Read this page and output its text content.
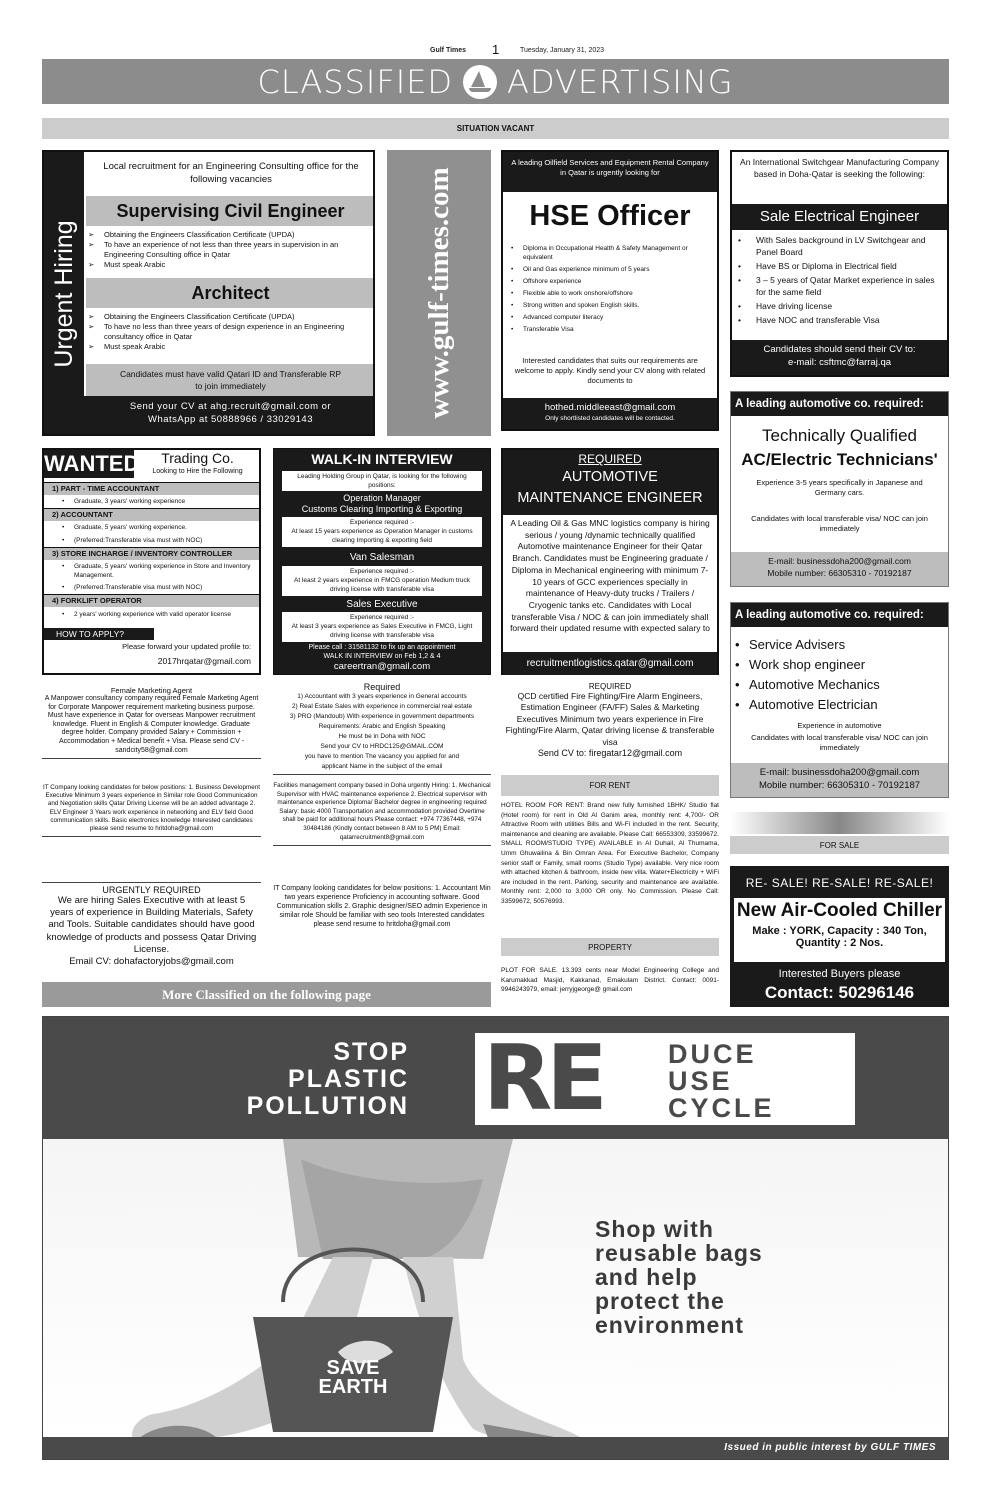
Gulf Times 1	Tuesday, January 31, 2023
CLASSIFIED ADVERTISING
SITUATION VACANT
Urgent Hiring
Local recruitment for an Engineering Consulting office for the following vacancies
Supervising Civil Engineer
➢ Obtaining the Engineers Classification Certificate (UPDA)
➢ To have an experience of not less than three years in supervision in an Engineering Consulting office in Qatar
➢ Must speak Arabic
Architect
➢ Obtaining the Engineers Classification Certificate (UPDA)
➢ To have no less than three years of design experience in an Engineering consultancy office in Qatar
➢ Must speak Arabic
Candidates must have valid Qatari ID and Transferable RP to join immediately
Send your CV at ahg.recruit@gmail.com or
WhatsApp at 50888966 / 33029143
www.gulf-times.com
A leading Oilfield Services and Equipment Rental Company in Qatar is urgently looking for
HSE Officer
• Diploma in Occupational Health & Safety Management or equivalent
• Oil and Gas experience minimum of 5 years
• Offshore experience
• Flexible able to work onshore/offshore
• Strong written and spoken English skills.
• Advanced computer literacy
• Transferable Visa
Interested candidates that suits our requirements are welcome to apply. Kindly send your CV along with related documents to
hothed.middleeast@gmail.com
Only shortlisted candidates will be contacted.
An International Switchgear Manufacturing Company based in Doha-Qatar is seeking the following:
Sale Electrical Engineer
• With Sales background in LV Switchgear and Panel Board
• Have BS or Diploma in Electrical field
• 3 – 5 years of Qatar Market experience in sales for the same field
• Have driving license
• Have NOC and transferable Visa
Candidates should send their CV to:
e-mail: csftmc@farraj.qa
A leading automotive co. required:
Technically Qualified
AC/Electric Technicians'
Experience 3-5 years specifically in Japanese and Germany cars.
Candidates with local transferable visa/ NOC can join immediately
E-mail: businessdoha200@gmail.com
Mobile number: 66305310 - 70192187
WANTED	Trading Co.
Looking to Hire the Following
1) PART - TIME ACCOUNTANT
• Graduate, 3 years' working experience
2) ACCOUNTANT
• Graduate, 5 years' working experience.
• (Preferred:Transferable visa must with NOC)
3) STORE INCHARGE / INVENTORY CONTROLLER
• Graduate, 5 years' working experience in Store and Inventory Management.
• (Preferred:Transferable visa must with NOC)
4) FORKLIFT OPERATOR
• 2 years' working experience with valid operator license
HOW TO APPLY?
Please forward your updated profile to:
2017hrqatar@gmail.com
WALK-IN INTERVIEW
Leading Holding Group in Qatar, is looking for the following positions:
Operation Manager
Customs Clearing Importing & Exporting
Experience required :-
At least 15 years experience as Operation Manager in customs clearing Importing & exporting field
Van Salesman
Experience required :-
At least 2 years experience in FMCG operation Medium truck driving license with transferable visa
Sales Executive
Experience required :-
At least 3 years experience as Sales Executive in FMCG, Light driving license with transferable visa
Please call : 31581132 to fix up an appointment
WALK IN INTERVIEW on Feb 1,2 & 4
careertran@gmail.com
REQUIRED
AUTOMOTIVE MAINTENANCE ENGINEER
A Leading Oil & Gas MNC logistics company is hiring serious / young /dynamic technically qualified Automotive maintenance Engineer for their Qatar Branch. Candidates must be Engineering graduate / Diploma in Mechanical engineering with minimum 7- 10 years of GCC experiences specially in maintenance of Heavy-duty trucks / Trailers / Cryogenic tanks etc. Candidates with Local transferable Visa / NOC & can join immediately shall forward their updated resume with expected salary to
recruitmentlogistics.qatar@gmail.com
A leading automotive co. required:
• Service Advisers
• Work shop engineer
• Automotive Mechanics
• Automotive Electrician
Experience in automotive
Candidates with local transferable visa/ NOC can join immediately
E-mail: businessdoha200@gmail.com
Mobile number: 66305310 - 70192187
Female Marketing Agent
A Manpower consultancy company required Female Marketing Agent for Corporate Manpower requirement marketing business purpose. Must have experience in Qatar for overseas Manpower recruitment knowledge. Fluent in English & Computer knowledge. Graduate degree holder. Company provided Salary + Commission + Accommodation + Medical benefit + Visa. Please send CV - sandcity58@gmail.com
IT Company looking candidates for below positions: 1. Business Development Executive Minimum 3 years experience in Similar role Good Communication and Negotiation skills Qatar Driving License will be an added advantage 2. ELV Engineer 3 Years work experience in networking and ELV field Good communication skills. Basic electronics knowledge Interested candidates please send resume to hritdoha@gmail.com
URGENTLY REQUIRED
We are hiring Sales Executive with at least 5 years of experience in Building Materials, Safety and Tools. Suitable candidates should have good knowledge of products and possess Qatar Driving License.
Email CV: dohafactoryjobs@gmail.com
More Classified on the following page
Required
1) Accountant with 3 years experience in General accounts
2) Real Estate Sales with experience in commercial real estate
3) PRO (Mandoub) With experience in government departments
Requirements: Arabic and English Speaking
He must be in Doha with NOC
Send your CV to HRDC125@GMAIL.COM
you have to mention The vacancy you applied for and
applicant Name in the subject of the email
Facilities management company based in Doha urgently Hiring: 1. Mechanical Supervisor with HVAC maintenance experience 2. Electrical supervisor with maintenance experience Diploma/ Bachelor degree in engineering required Salary: basic 4000 Transportation and accommodation provided Overtime shall be paid for additional hours Please contact: +974 77367448, +974 30484186 (Kindly contact between 8 AM to 5 PM) Email: qatarrecruitment8@gmail.com
IT Company looking candidates for below positions: 1. Accountant Min two years experience Proficiency in accounting software. Good Communication skills 2. Graphic designer/SEO admin Experience in similar role Should be familiar with seo tools Interested candidates please send resume to hritdoha@gmail.com
REQUIRED
QCD certified Fire Fighting/Fire Alarm Engineers, Estimation Engineer (FA/FF) Sales & Marketing Executives Minimum two years experience in Fire Fighting/Fire Alarm, Qatar driving license & transferable visa
Send CV to: firegatar12@gmail.com
FOR RENT
HOTEL ROOM FOR RENT: Brand new fully furnished 1BHK/ Studio flat (Hotel room) for rent in Old Al Ganim area, monthly rent: 4,700/- OR Attractive Room with utilities Bills and Wi-Fi included in the rent. Security, maintenance and cleaning are available. Please Call: 66553309, 33599672.
SMALL ROOM/STUDIO TYPE) AVAILABLE in Al Duhail, Al Thumama, Umm Ghuwailina & Bin Omran Area. For Executive Bachelor, Company senior staff or Family, small rooms (Studio Type) available. Very nice room with attached kitchen & bathroom, inside new villa. Water+Electricity + WiFi are included in the rent. Parking, security and maintenance are available. Monthly rent: 2,000 to 3,000 OR only. No Commission. Please Call: 33599672, 50576993.
PROPERTY
PLOT FOR SALE. 13.393 cents near Model Engineering College and Karumakkad Masjid, Kakkanad, Ernakulam District. Contact: 0091-9946243979, email: jerryjgeorge@ gmail.com
FOR SALE
RE- SALE! RE-SALE! RE-SALE!
New Air-Cooled Chiller
Make : YORK, Capacity : 340 Ton,
Quantity : 2 Nos.
Interested Buyers please
Contact: 50296146
STOP
PLASTIC
POLLUTION RE DUCE
USE
CYCLE
SAVE
EARTH
Shop with
reusable bags
and help
protect the
environment
Issued in public interest by GULF TIMES
